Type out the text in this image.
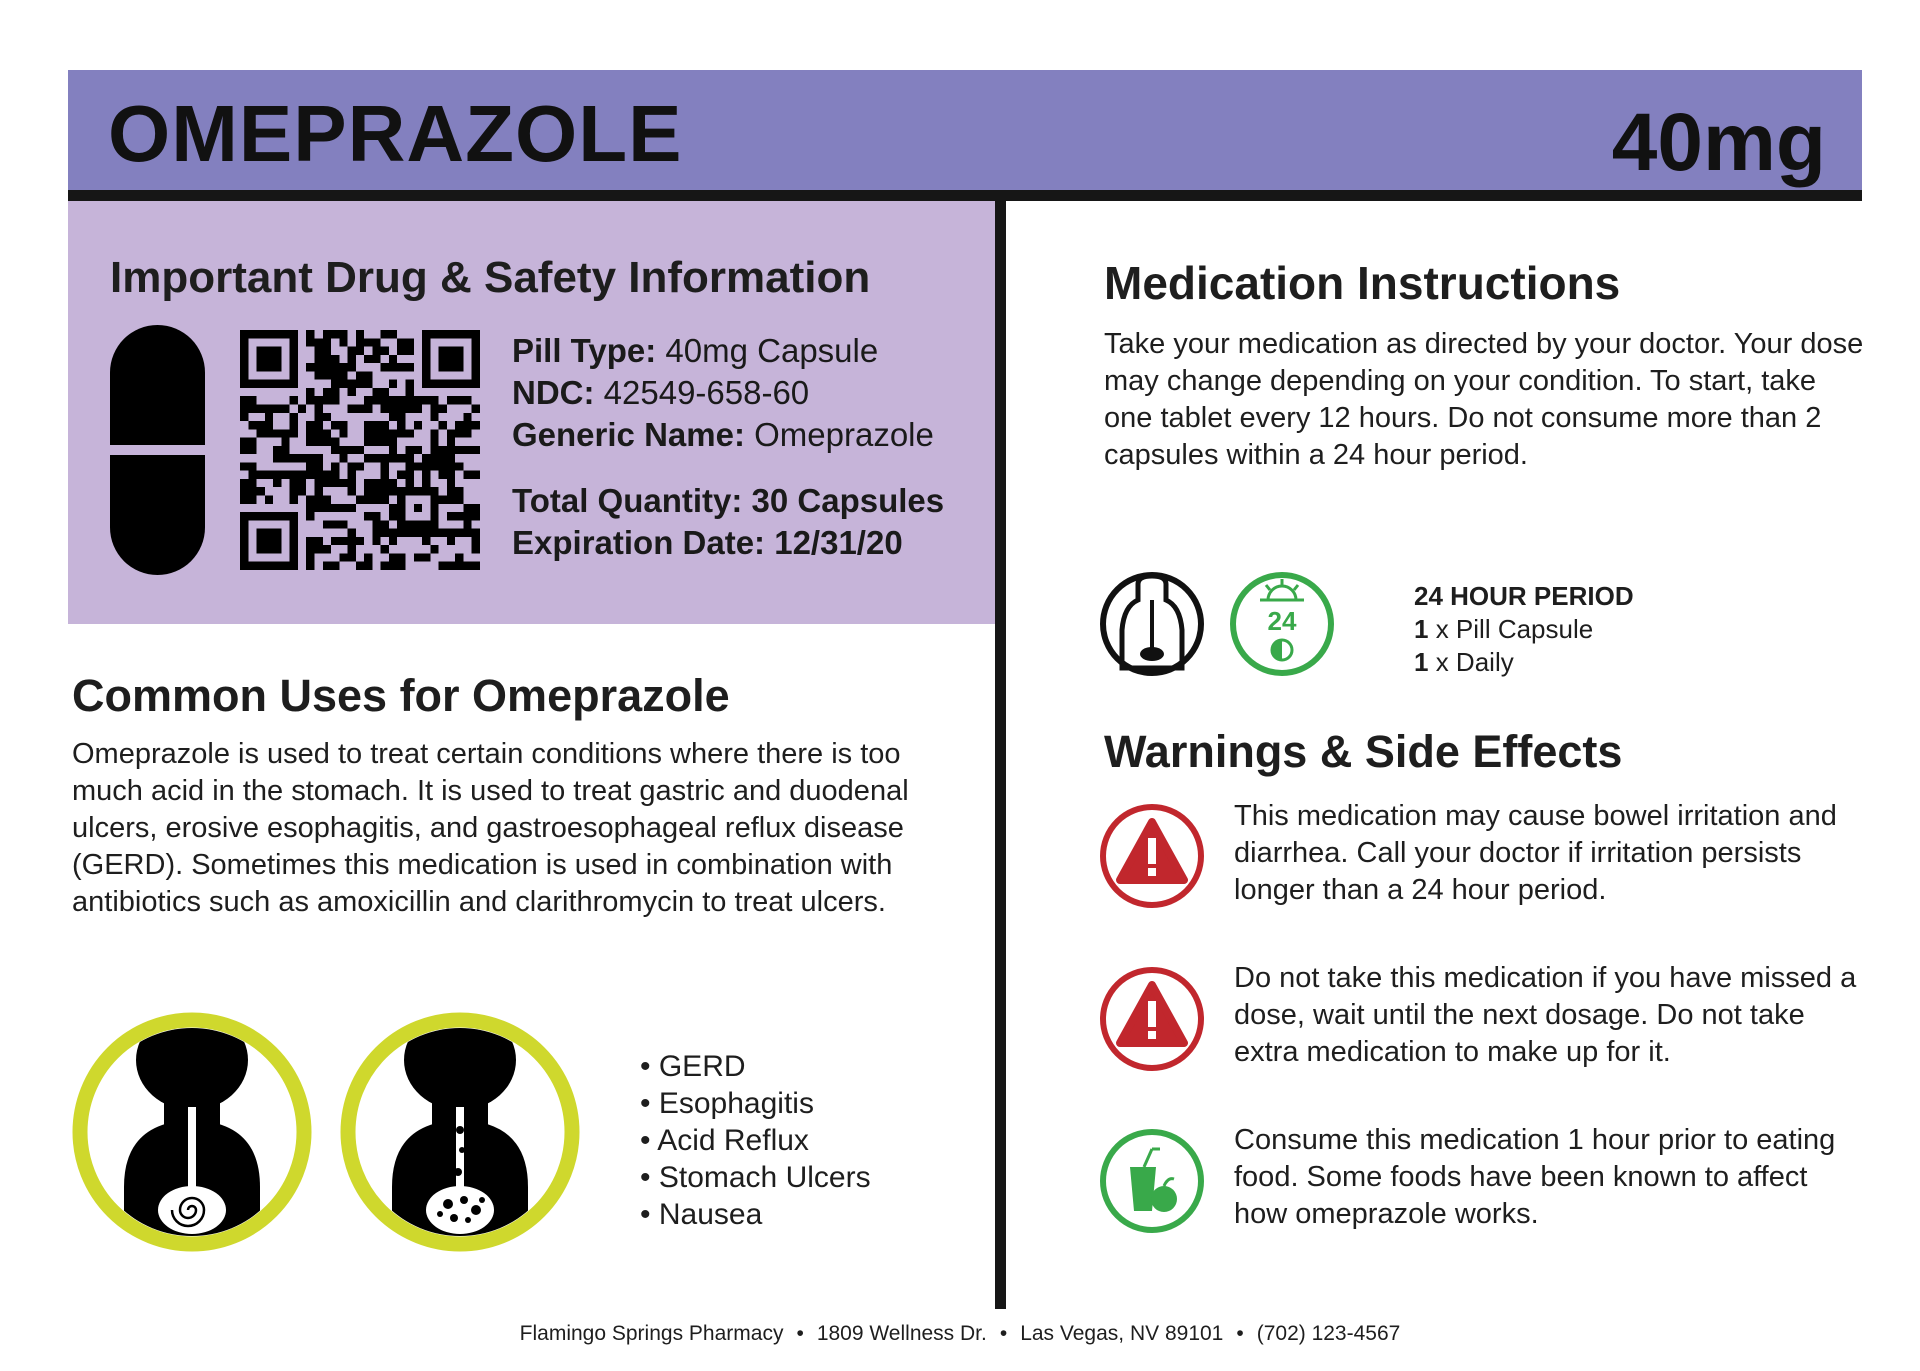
OMEPRAZOLE	40mg
Important Drug & Safety Information
Pill Type: 40mg Capsule
NDC: 42549-658-60
Generic Name: Omeprazole
Total Quantity: 30 Capsules
Expiration Date: 12/31/20
Common Uses for Omeprazole
Omeprazole is used to treat certain conditions where there is too much acid in the stomach. It is used to treat gastric and duodenal ulcers, erosive esophagitis, and gastroesophageal reflux disease (GERD). Sometimes this medication is used in combination with antibiotics such as amoxicillin and clarithromycin to treat ulcers.
• GERD
• Esophagitis
• Acid Reflux
• Stomach Ulcers
• Nausea
Medication Instructions
Take your medication as directed by your doctor. Your dose may change depending on your condition. To start, take one tablet every 12 hours. Do not consume more than 2 capsules within a 24 hour period.
24
24 HOUR PERIOD
1 x Pill Capsule
1 x Daily
Warnings & Side Effects
This medication may cause bowel irritation and diarrhea. Call your doctor if irritation persists longer than a 24 hour period.
Do not take this medication if you have missed a dose, wait until the next dosage. Do not take extra medication to make up for it.
Consume this medication 1 hour prior to eating food. Some foods have been known to affect how omeprazole works.
Flamingo Springs Pharmacy • 1809 Wellness Dr. • Las Vegas, NV 89101 • (702) 123-4567
